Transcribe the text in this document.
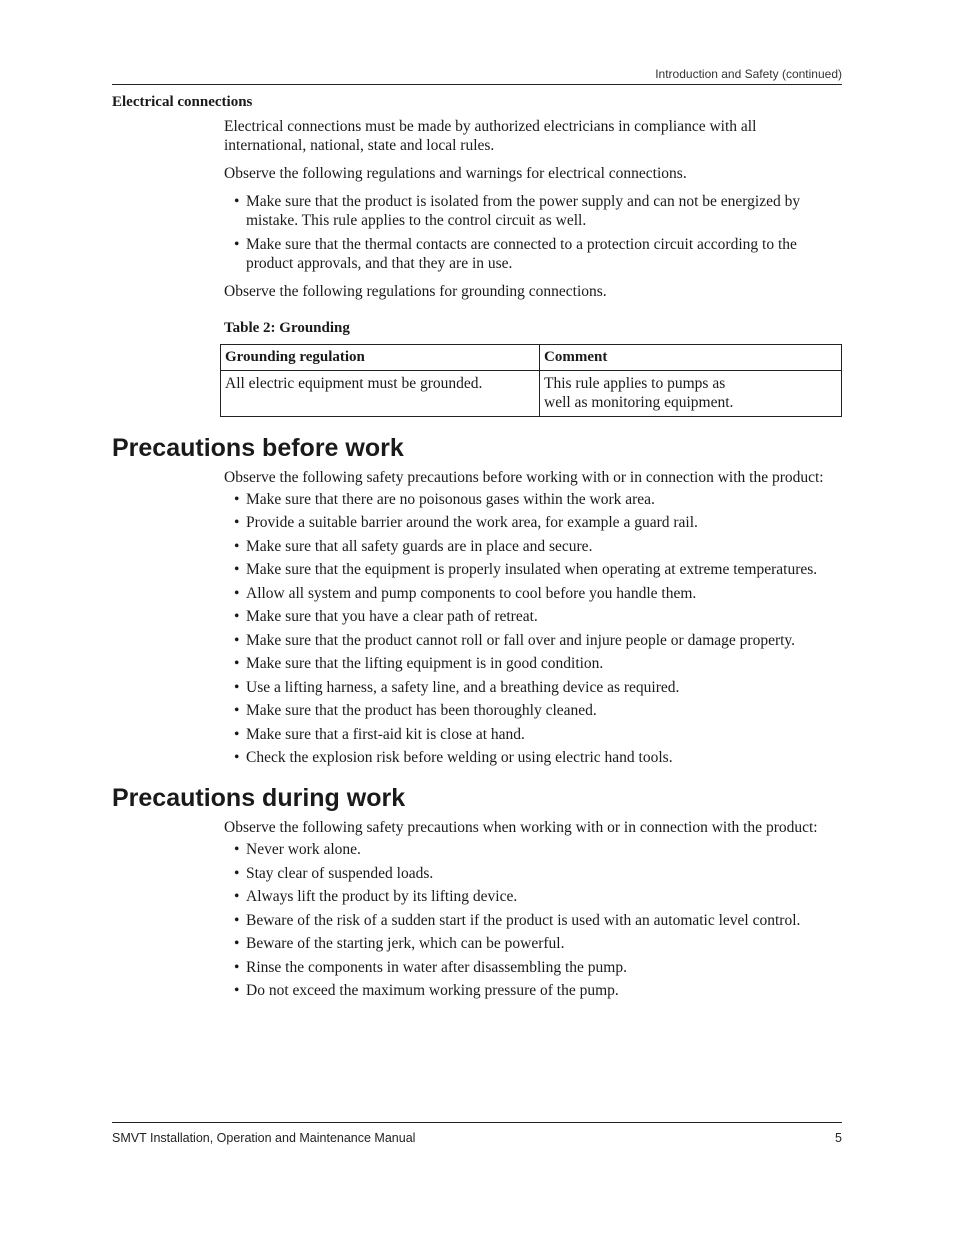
Introduction and Safety (continued)
Electrical connections

Electrical connections must be made by authorized electricians in compliance with all international, national, state and local rules.

Observe the following regulations and warnings for electrical connections.

• Make sure that the product is isolated from the power supply and can not be energized by mistake. This rule applies to the control circuit as well.
• Make sure that the thermal contacts are connected to a protection circuit according to the product approvals, and that they are in use.

Observe the following regulations for grounding connections.

Table 2: Grounding
Grounding regulation	Comment
All electric equipment must be grounded.	This rule applies to pumps as well as monitoring equipment.
Precautions before work

Observe the following safety precautions before working with or in connection with the product:

• Make sure that there are no poisonous gases within the work area.
• Provide a suitable barrier around the work area, for example a guard rail.
• Make sure that all safety guards are in place and secure.
• Make sure that the equipment is properly insulated when operating at extreme temperatures.
• Allow all system and pump components to cool before you handle them.
• Make sure that you have a clear path of retreat.
• Make sure that the product cannot roll or fall over and injure people or damage property.
• Make sure that the lifting equipment is in good condition.
• Use a lifting harness, a safety line, and a breathing device as required.
• Make sure that the product has been thoroughly cleaned.
• Make sure that a first-aid kit is close at hand.
• Check the explosion risk before welding or using electric hand tools.
Precautions during work

Observe the following safety precautions when working with or in connection with the product:

• Never work alone.
• Stay clear of suspended loads.
• Always lift the product by its lifting device.
• Beware of the risk of a sudden start if the product is used with an automatic level control.
• Beware of the starting jerk, which can be powerful.
• Rinse the components in water after disassembling the pump.
• Do not exceed the maximum working pressure of the pump.
SMVT Installation, Operation and Maintenance Manual	5
